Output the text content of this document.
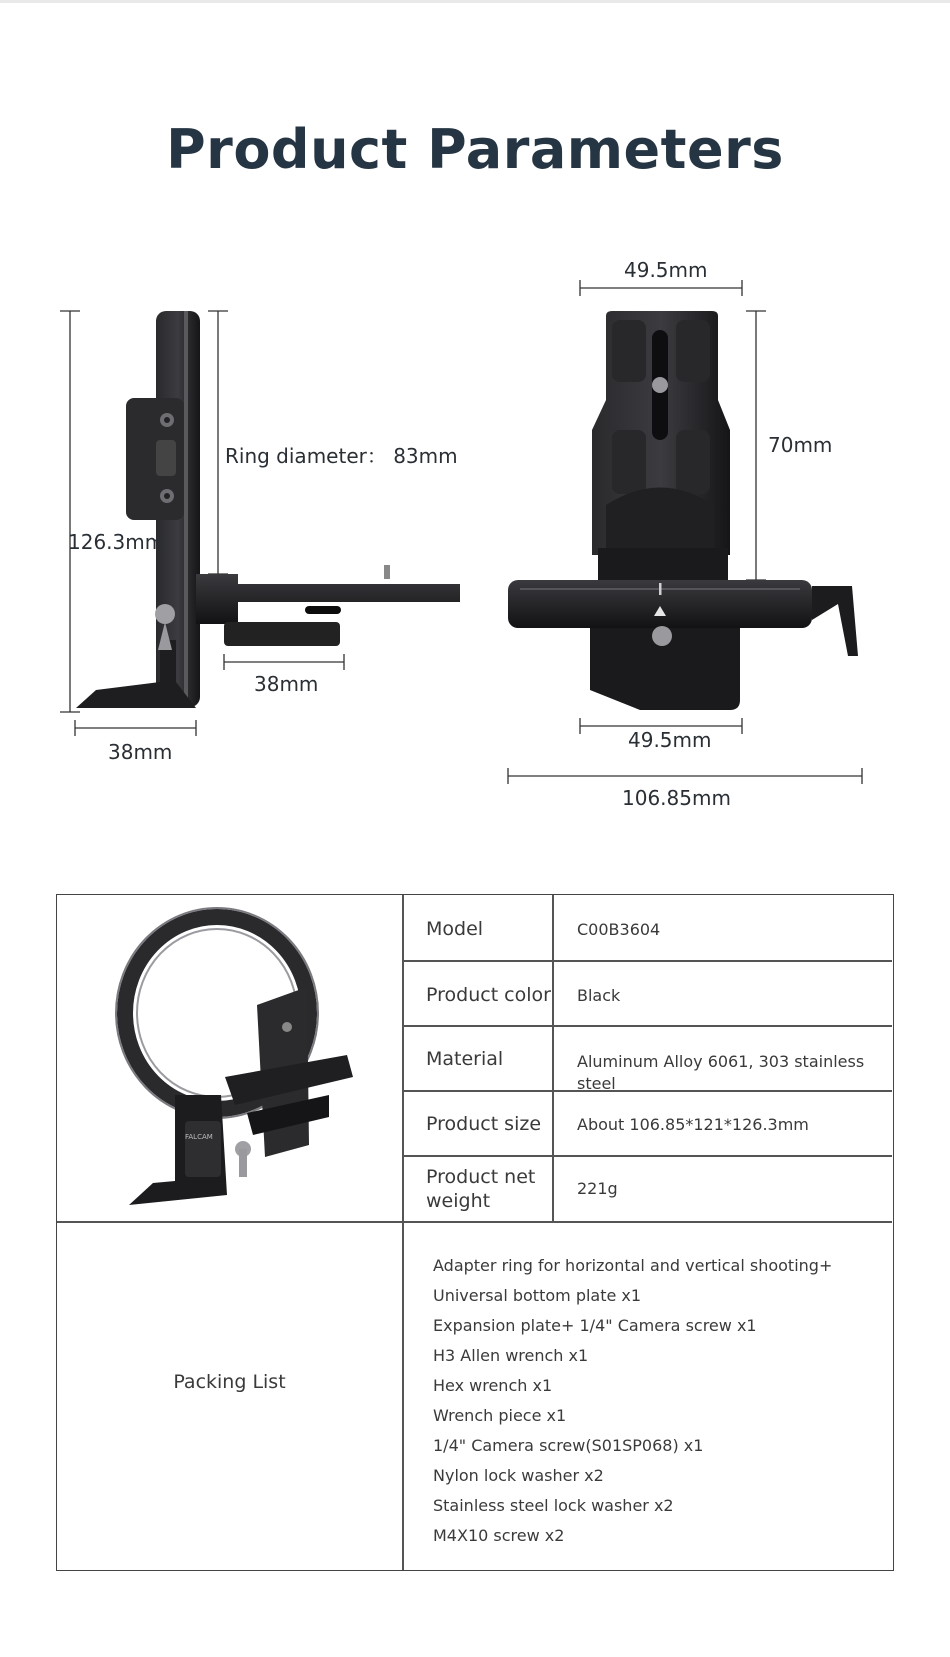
Product Parameters
126.3mm
Ring diameter： 83mm
38mm
38mm
49.5mm
70mm
49.5mm
106.85mm
FALCAM
Model	C00B3604
Product color Black
Material	Aluminum Alloy 6061, 303 stainless steel
Product size About 106.85*121*126.3mm
Product net weight
221g
Packing List
Adapter ring for horizontal and vertical shooting+
Universal bottom plate x1
Expansion plate+ 1/4" Camera screw x1
H3 Allen wrench x1
Hex wrench x1
Wrench piece x1
1/4" Camera screw(S01SP068) x1
Nylon lock washer x2
Stainless steel lock washer x2
M4X10 screw x2
